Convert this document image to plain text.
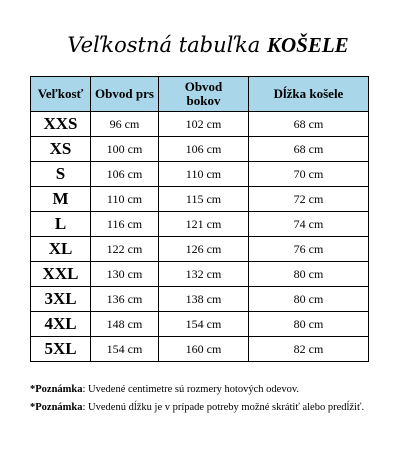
Veľkostná tabuľka KOŠELE
Veľkosť	Obvod prs	Obvod bokov	Dĺžka košele
XXS	96 cm	102 cm	68 cm
XS	100 cm	106 cm	68 cm
S	106 cm	110 cm	70 cm
M	110 cm	115 cm	72 cm
L	116 cm	121 cm	74 cm
XL	122 cm	126 cm	76 cm
XXL	130 cm	132 cm	80 cm
3XL	136 cm	138 cm	80 cm
4XL	148 cm	154 cm	80 cm
5XL	154 cm	160 cm	82 cm
*Poznámka: Uvedené centimetre sú rozmery hotových odevov.
*Poznámka: Uvedenú dĺžku je v prípade potreby možné skrátiť alebo predĺžiť.
